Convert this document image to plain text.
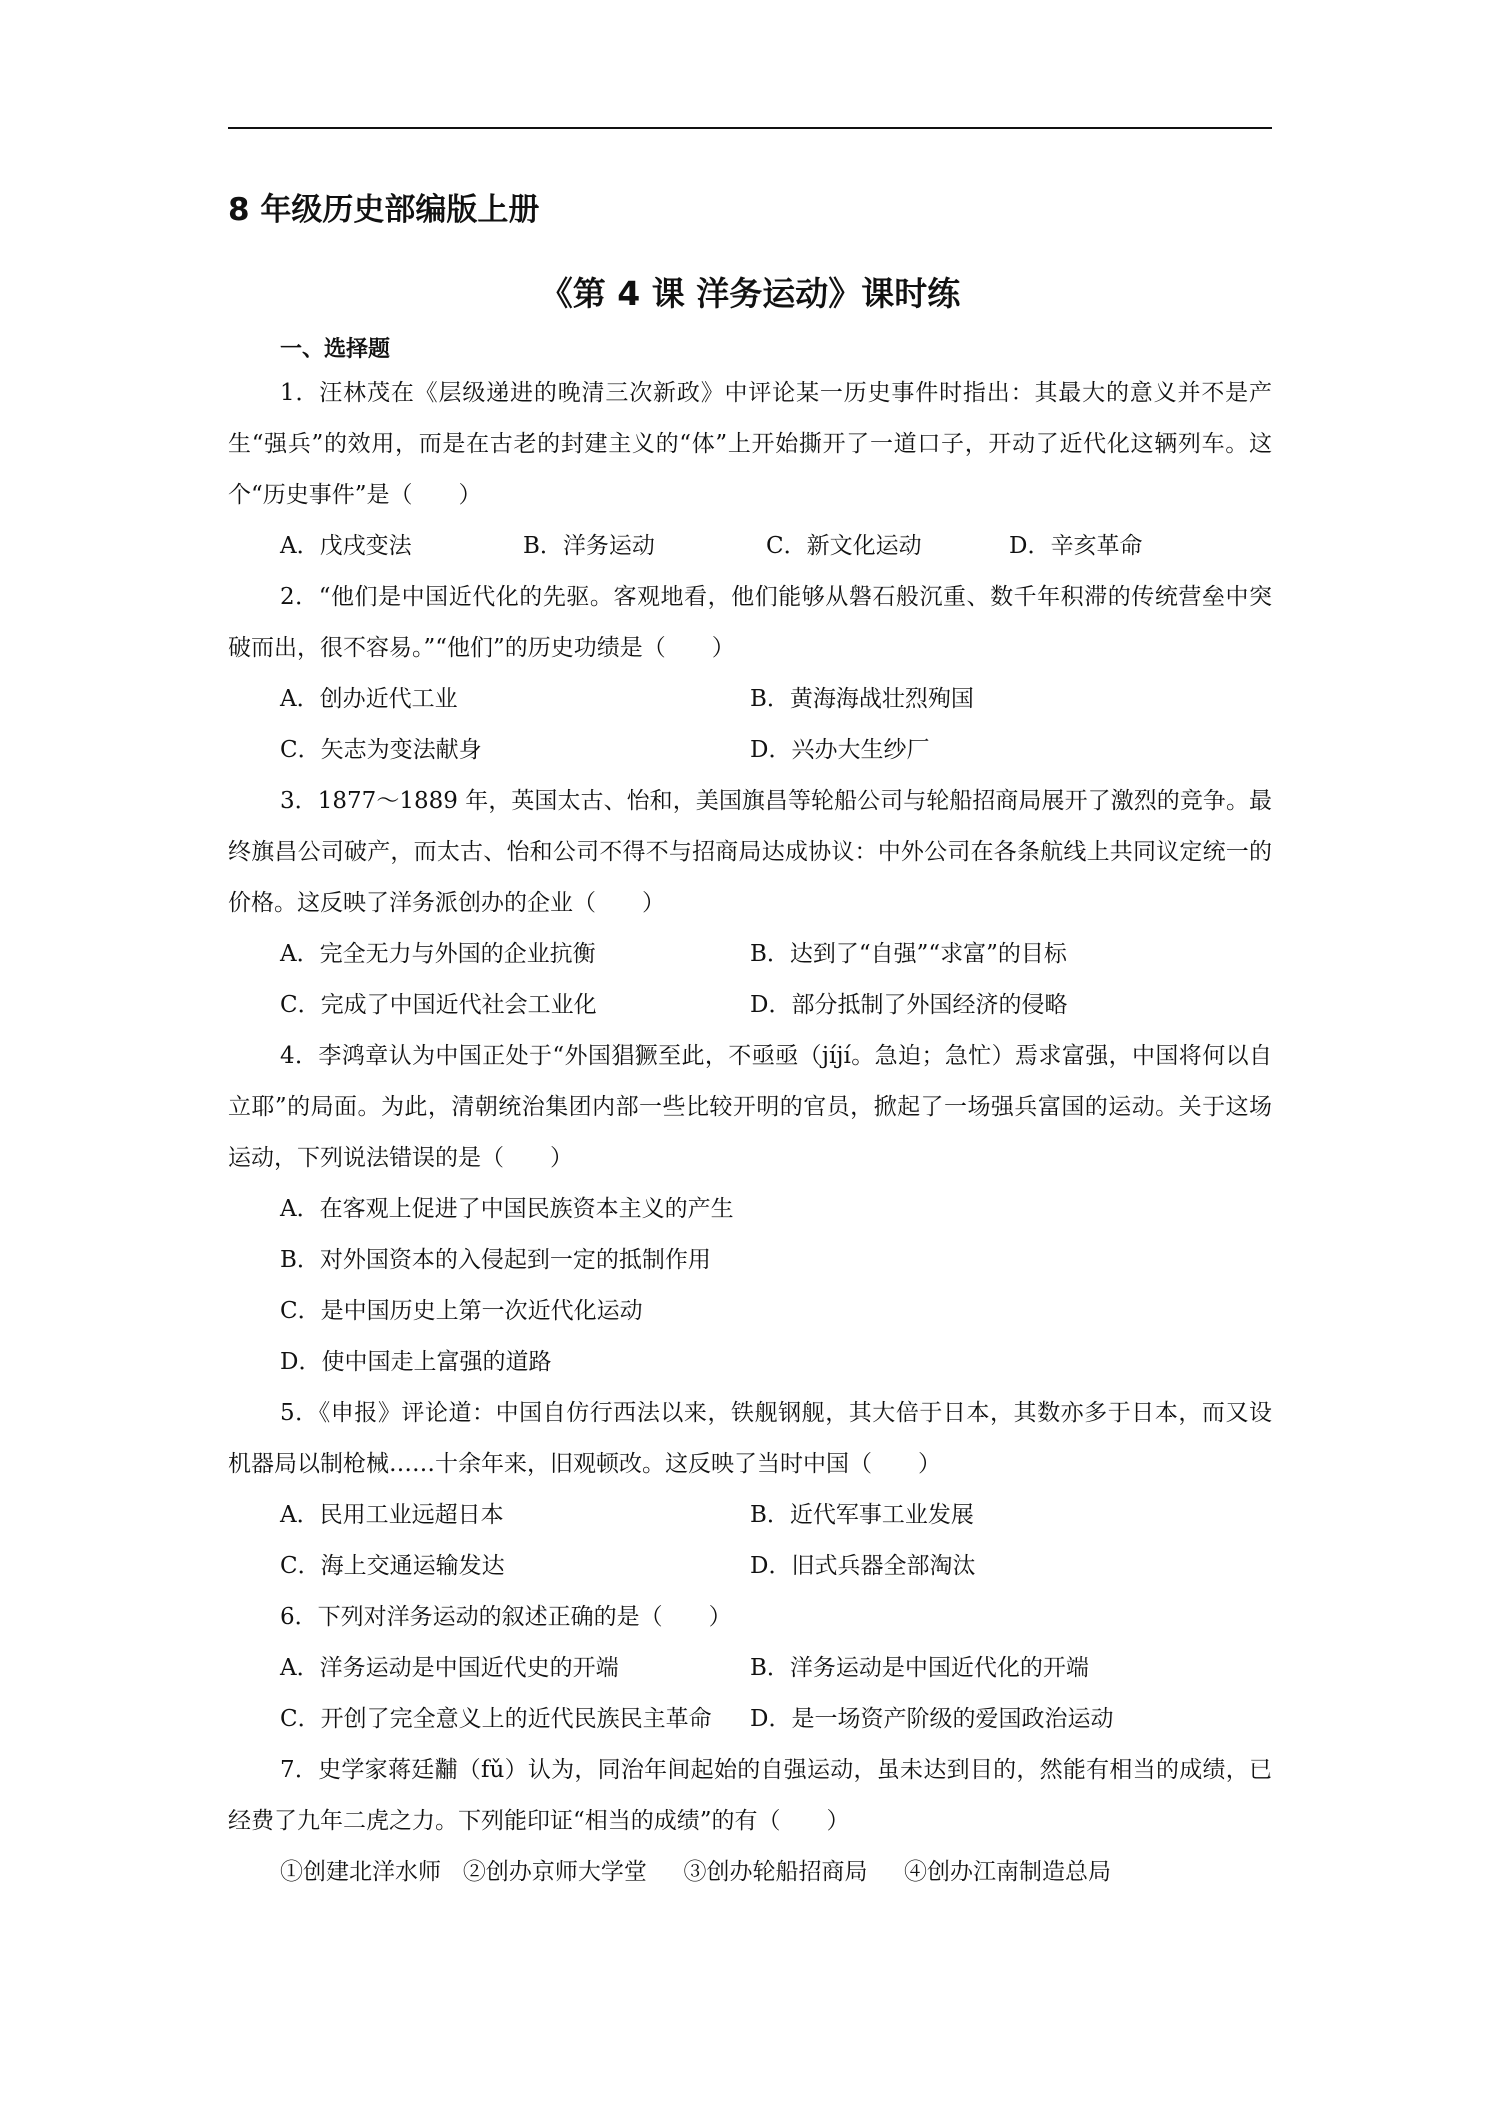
8 年级历史部编版上册
《第 4 课 洋务运动》课时练
一、选择题

1．汪林茂在《层级递进的晚清三次新政》中评论某一历史事件时指出：其最大的意义并不是产生“强兵”的效用，而是在古老的封建主义的“体”上开始撕开了一道口子，开动了近代化这辆列车。这个“历史事件”是（　　）

A．戊戌变法	B．洋务运动	C．新文化运动	D．辛亥革命

2．“他们是中国近代化的先驱。客观地看，他们能够从磐石般沉重、数千年积滞的传统营垒中突破而出，很不容易。”“他们”的历史功绩是（　　）

A．创办近代工业	B．黄海海战壮烈殉国
C．矢志为变法献身	D．兴办大生纱厂

3．1877～1889 年，英国太古、怡和，美国旗昌等轮船公司与轮船招商局展开了激烈的竞争。最终旗昌公司破产，而太古、怡和公司不得不与招商局达成协议：中外公司在各条航线上共同议定统一的价格。这反映了洋务派创办的企业（　　）

A．完全无力与外国的企业抗衡	B．达到了“自强”“求富”的目标
C．完成了中国近代社会工业化	D．部分抵制了外国经济的侵略

4．李鸿章认为中国正处于“外国猖獗至此，不亟亟（jíjí。急迫；急忙）焉求富强，中国将何以自立耶”的局面。为此，清朝统治集团内部一些比较开明的官员，掀起了一场强兵富国的运动。关于这场运动，下列说法错误的是（　　）

A．在客观上促进了中国民族资本主义的产生
B．对外国资本的入侵起到一定的抵制作用
C．是中国历史上第一次近代化运动
D．使中国走上富强的道路

5．《申报》评论道：中国自仿行西法以来，铁舰钢舰，其大倍于日本，其数亦多于日本，而又设机器局以制枪械……十余年来，旧观顿改。这反映了当时中国（　　）

A．民用工业远超日本	B．近代军事工业发展
C．海上交通运输发达	D．旧式兵器全部淘汰

6．下列对洋务运动的叙述正确的是（　　）

A．洋务运动是中国近代史的开端	B．洋务运动是中国近代化的开端
C．开创了完全意义上的近代民族民主革命	D．是一场资产阶级的爱国政治运动

7．史学家蒋廷黼（fǔ）认为，同治年间起始的自强运动，虽未达到目的，然能有相当的成绩，已经费了九年二虎之力。下列能印证“相当的成绩”的有（　　）

①创建北洋水师   ②创办京师大学堂     ③创办轮船招商局     ④创办江南制造总局
